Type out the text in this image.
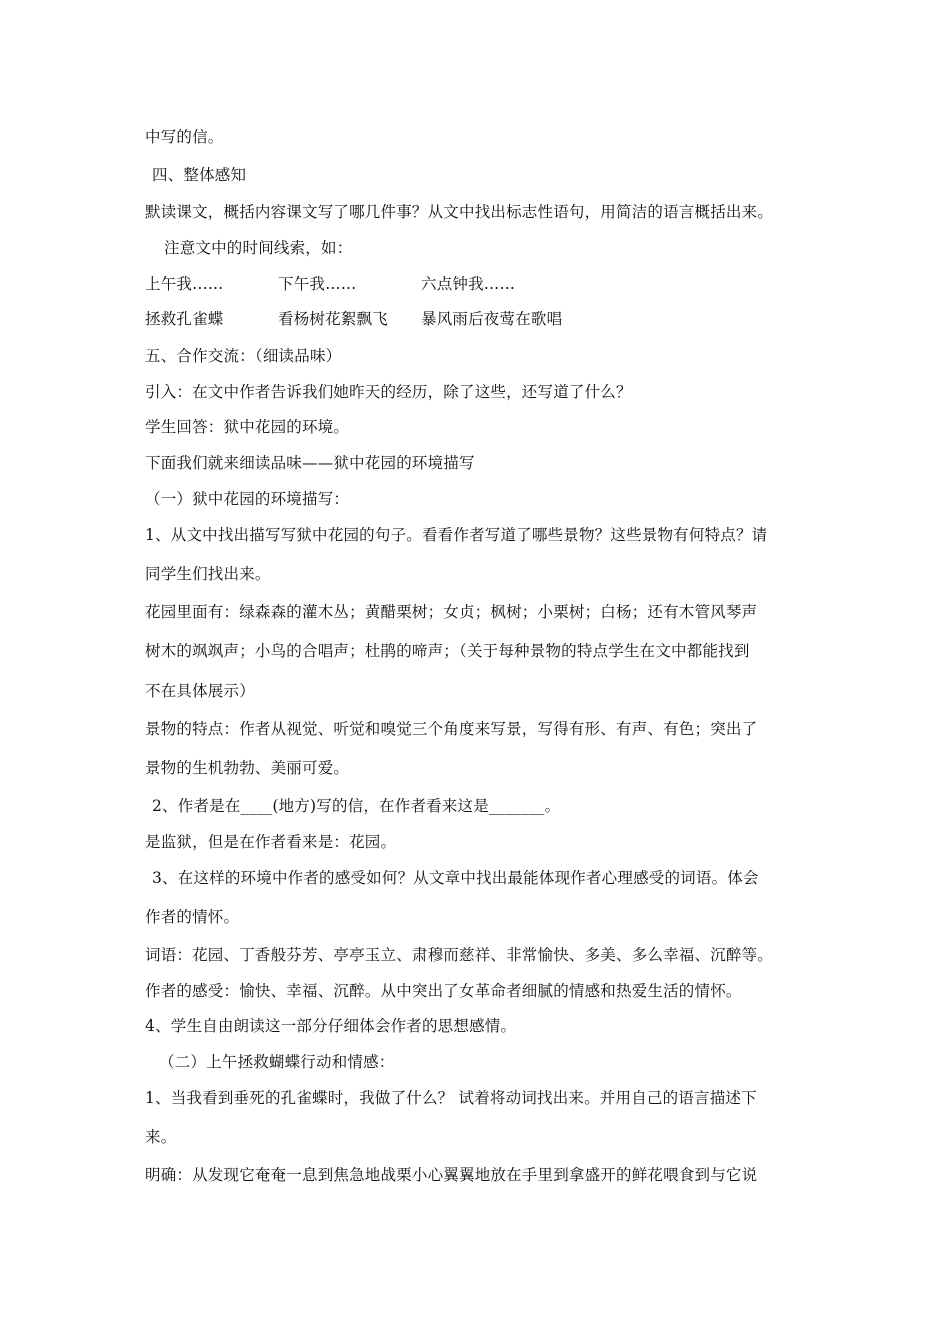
中写的信。
四、整体感知
默读课文，概括内容课文写了哪几件事？从文中找出标志性语句，用简洁的语言概括出来。
注意文中的时间线索，如：
上午我……	下午我……	六点钟我……
拯救孔雀蝶	看杨树花絮飘飞 暴风雨后夜莺在歌唱
五、合作交流：（细读品味）
引入：在文中作者告诉我们她昨天的经历，除了这些，还写道了什么？
学生回答：狱中花园的环境。
下面我们就来细读品味——狱中花园的环境描写
（一）狱中花园的环境描写：
1、从文中找出描写写狱中花园的句子。看看作者写道了哪些景物？这些景物有何特点？请
同学生们找出来。
花园里面有：绿森森的灌木丛；黄醋栗树；女贞；枫树；小栗树；白杨；还有木管风琴声
树木的飒飒声；小鸟的合唱声；杜鹃的啼声；（关于每种景物的特点学生在文中都能找到
不在具体展示）
景物的特点：作者从视觉、听觉和嗅觉三个角度来写景，写得有形、有声、有色；突出了
景物的生机勃勃、美丽可爱。
2、作者是在____(地方)写的信，在作者看来这是_______。
是监狱，但是在作者看来是：花园。
3、在这样的环境中作者的感受如何？从文章中找出最能体现作者心理感受的词语。体会
作者的情怀。
词语：花园、丁香般芬芳、亭亭玉立、肃穆而慈祥、非常愉快、多美、多么幸福、沉醉等。
作者的感受：愉快、幸福、沉醉。从中突出了女革命者细腻的情感和热爱生活的情怀。
4、学生自由朗读这一部分仔细体会作者的思想感情。
（二）上午拯救蝴蝶行动和情感：
1、当我看到垂死的孔雀蝶时，我做了什么？ 试着将动词找出来。并用自己的语言描述下
来。
明确：从发现它奄奄一息到焦急地战栗小心翼翼地放在手里到拿盛开的鲜花喂食到与它说
